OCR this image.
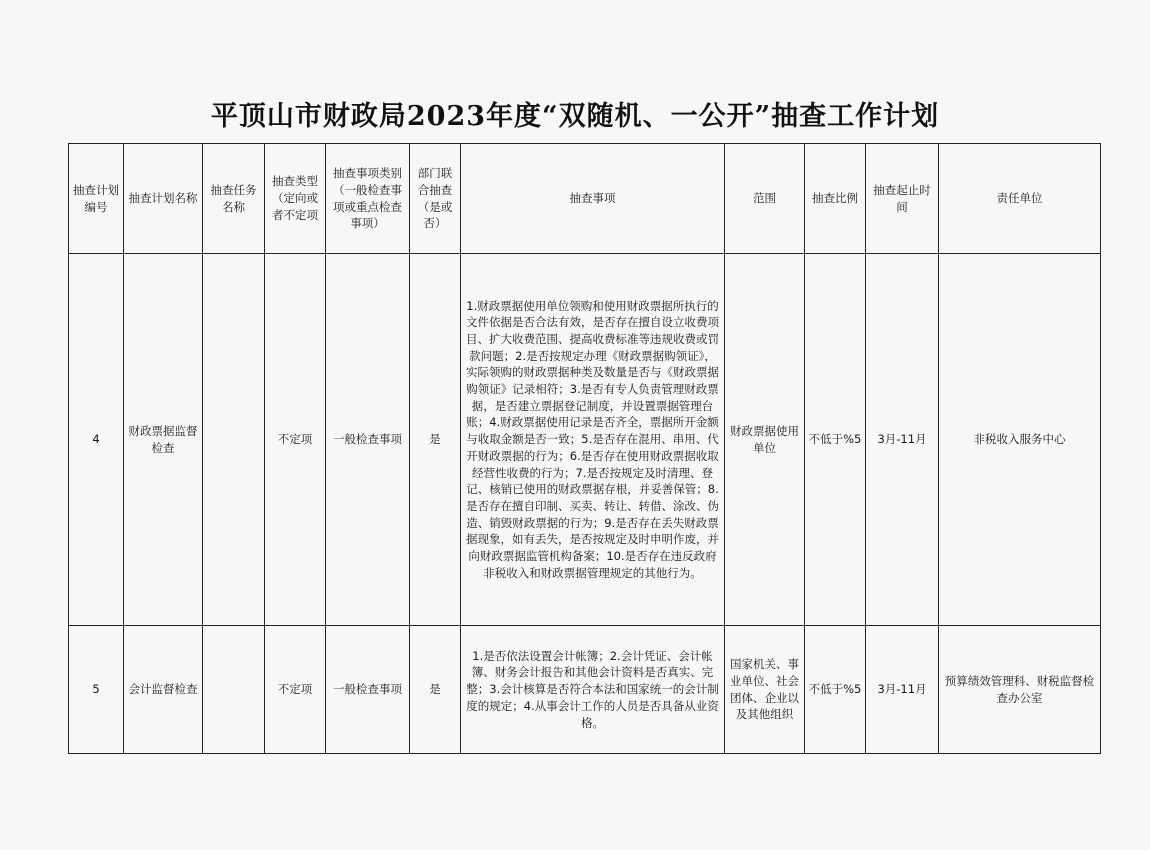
平顶山市财政局2023年度“双随机、一公开”抽查工作计划
抽查计划编号	抽查计划名称	抽查任务名称	抽查类型（定向或者不定项	抽查事项类别（一般检查事项或重点检查事项）	部门联合抽查（是或否）	抽查事项	范围	抽查比例	抽查起止时间	责任单位
4	财政票据监督检查		不定项	一般检查事项	是	1.财政票据使用单位领购和使用财政票据所执行的文件依据是否合法有效，是否存在擅自设立收费项目、扩大收费范围、提高收费标准等违规收费或罚款问题；2.是否按规定办理《财政票据购领证》，实际领购的财政票据种类及数量是否与《财政票据购领证》记录相符；3.是否有专人负责管理财政票据，是否建立票据登记制度，并设置票据管理台账；4.财政票据使用记录是否齐全，票据所开金额与收取金额是否一致；5.是否存在混用、串用、代开财政票据的行为；6.是否存在使用财政票据收取经营性收费的行为；7.是否按规定及时清理、登记、核销已使用的财政票据存根，并妥善保管；8.是否存在擅自印制、买卖、转让、转借、涂改、伪造、销毁财政票据的行为；9.是否存在丢失财政票据现象，如有丢失，是否按规定及时申明作废，并向财政票据监管机构备案；10.是否存在违反政府非税收入和财政票据管理规定的其他行为。	财政票据使用单位	不低于%5	3月-11月	非税收入服务中心
5	会计监督检查		不定项	一般检查事项	是	1.是否依法设置会计帐簿；2.会计凭证、会计帐簿、财务会计报告和其他会计资料是否真实、完整；3.会计核算是否符合本法和国家统一的会计制度的规定；4.从事会计工作的人员是否具备从业资格。	国家机关、事业单位、社会团体、企业以及其他组织	不低于%5	3月-11月	预算绩效管理科、财税监督检查办公室
